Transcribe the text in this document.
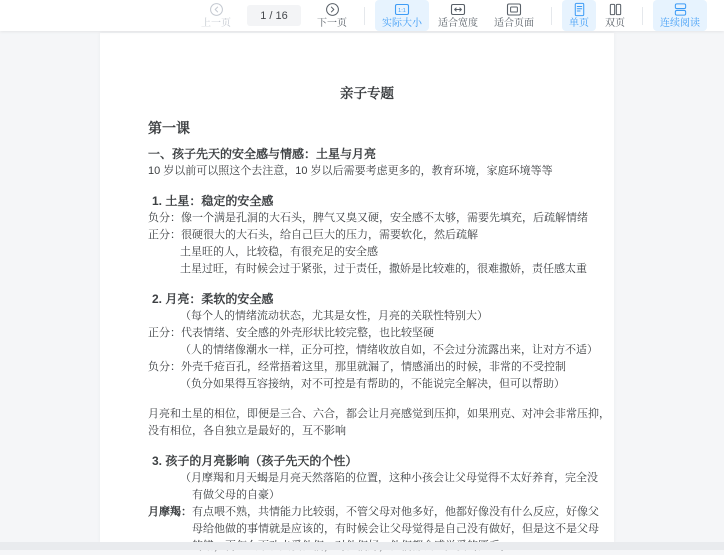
上一页
1 / 16
下一页
1:1
实际大小 适合宽度 适合页面	单页 双页	连续阅读
亲子专题
第一课
一、孩子先天的安全感与情感：土星与月亮
10 岁以前可以照这个去注意，10 岁以后需要考虑更多的，教育环境，家庭环境等等
1. 土星：稳定的安全感
负分：像一个满是孔洞的大石头，脾气又臭又硬，安全感不太够，需要先填充，后疏解情绪
正分：很硬很大的大石头，给自己巨大的压力，需要软化，然后疏解
土星旺的人，比较稳，有很充足的安全感
土星过旺，有时候会过于紧张，过于责任，撒娇是比较难的，很难撒娇，责任感太重
2. 月亮：柔软的安全感
（每个人的情绪流动状态，尤其是女性，月亮的关联性特别大）
正分：代表情绪、安全感的外壳形状比较完整，也比较坚硬
（人的情绪像潮水一样，正分可控，情绪收放自如，不会过分流露出来，让对方不适）
负分：外壳千疮百孔，经常捂着这里，那里就漏了，情感涌出的时候，非常的不受控制
（负分如果得互容接纳，对不可控是有帮助的，不能说完全解决，但可以帮助）
月亮和土星的相位，即便是三合、六合，都会让月亮感觉到压抑，如果刑克、对冲会非常压抑，
没有相位，各自独立是最好的，互不影响
3. 孩子的月亮影响（孩子先天的个性）
（月摩羯和月天蝎是月亮天然落陷的位置，这种小孩会让父母觉得不太好养育，完全没
有做父母的自豪）
月摩羯：有点喂不熟，共情能力比较弱，不管父母对他多好，他都好像没有什么反应，好像父
母给他做的事情就是应该的，有时候会让父母觉得是自己没有做好，但是这不是父母
